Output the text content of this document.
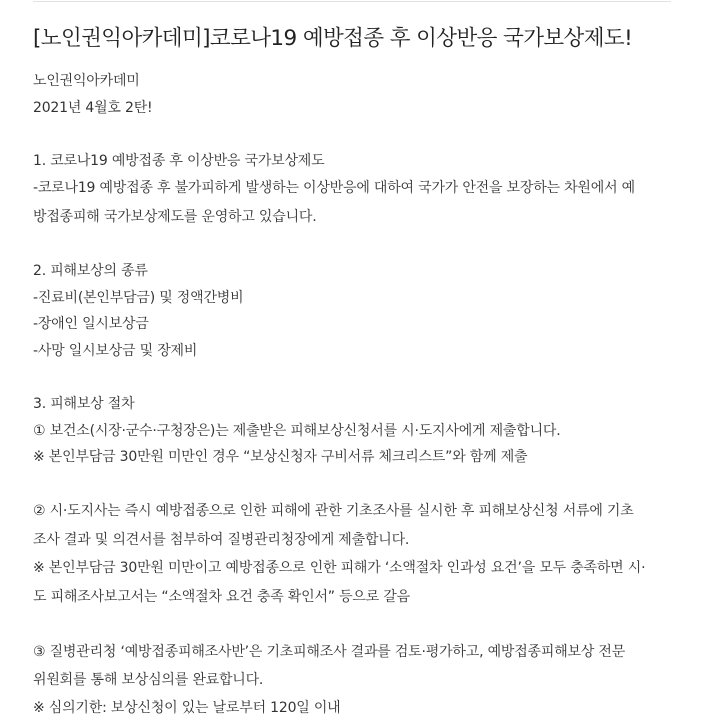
[노인권익아카데미]코로나19 예방접종 후 이상반응 국가보상제도!
노인권익아카데미
2021년 4월호 2탄!
1. 코로나19 예방접종 후 이상반응 국가보상제도
-코로나19 예방접종 후 불가피하게 발생하는 이상반응에 대하여 국가가 안전을 보장하는 차원에서 예
방접종피해 국가보상제도를 운영하고 있습니다.
2. 피해보상의 종류
-진료비(본인부담금) 및 정액간병비
-장애인 일시보상금
-사망 일시보상금 및 장제비
3. 피해보상 절차
① 보건소(시장·군수·구청장은)는 제출받은 피해보상신청서를 시·도지사에게 제출합니다.
※ 본인부담금 30만원 미만인 경우 “보상신청자 구비서류 체크리스트”와 함께 제출
② 시·도지사는 즉시 예방접종으로 인한 피해에 관한 기초조사를 실시한 후 피해보상신청 서류에 기초
조사 결과 및 의견서를 첨부하여 질병관리청장에게 제출합니다.
※ 본인부담금 30만원 미만이고 예방접종으로 인한 피해가 ‘소액절차 인과성 요건’을 모두 충족하면 시·
도 피해조사보고서는 “소액절차 요건 충족 확인서” 등으로 갈음
③ 질병관리청 ‘예방접종피해조사반’은 기초피해조사 결과를 검토·평가하고, 예방접종피해보상 전문
위원회를 통해 보상심의를 완료합니다.
※ 심의기한: 보상신청이 있는 날로부터 120일 이내
